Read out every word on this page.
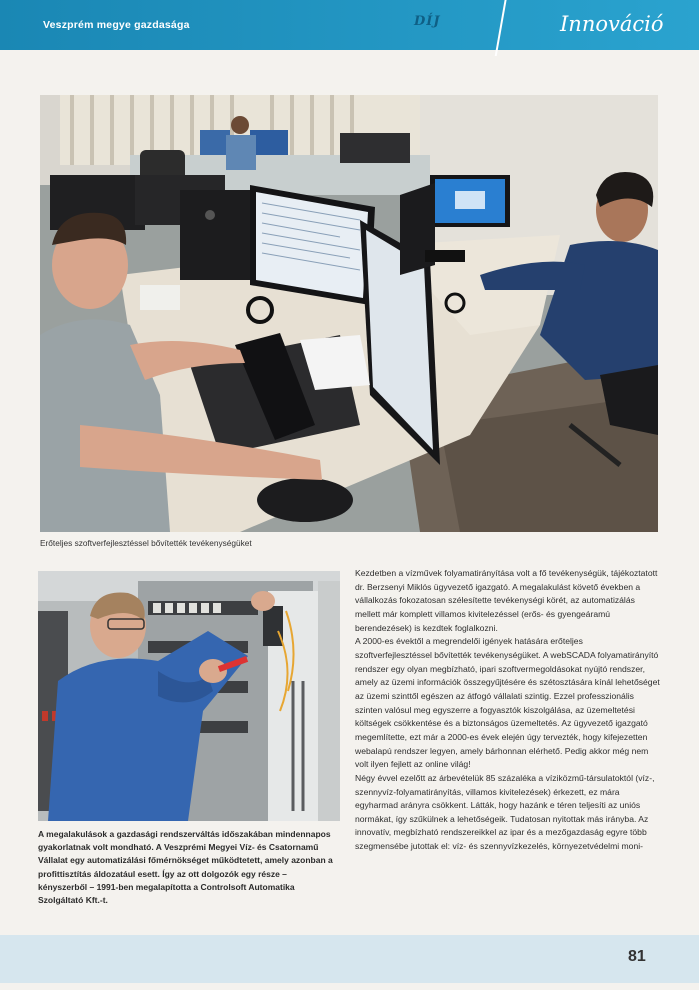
Veszprém megye gazdasága	DÍJ	Innováció
Erőteljes szoftverfejlesztéssel bővítették tevékenységüket
A megalakulások a gazdasági rendszerváltás időszakában mindennapos gyakorlatnak volt mondható. A Veszprémi Megyei Víz- és Csatornamű Vállalat egy automatizálási főmérnökséget működtetett, amely azonban a profittisztítás áldozatául esett. Így az ott dolgozók egy része – kényszerből – 1991-ben megalapította a Controlsoft Automatika Szolgáltató Kft.-t.

Kezdetben a vízművek folyamatirányítása volt a fő tevékenységük, tájékoztatott dr. Berzsenyi Miklós ügyvezető igazgató. A megalakulást követő években a vállalkozás fokozatosan szélesítette tevékenységi körét, az automatizálás mellett már komplett villamos kivitelezéssel (erős- és gyengeáramú berendezések) is kezdtek foglalkozni.

A 2000-es évektől a megrendelői igények hatására erőteljes szoftverfejlesztéssel bővítették tevékenységüket. A webSCADA folyamatirányító rendszer egy olyan megbízható, ipari szoftvermegoldásokat nyújtó rendszer, amely az üzemi információk összegyűjtésére és szétosztására kínál lehetőséget az üzemi szinttől egészen az átfogó vállalati szintig. Ezzel professzionális szinten valósul meg egyszerre a fogyasztók kiszolgálása, az üzemeltetési költségek csökkentése és a biztonságos üzemeltetés. Az ügyvezető igazgató megemlítette, ezt már a 2000-es évek elején úgy tervezték, hogy kifejezetten webalapú rendszer legyen, amely bárhonnan elérhető. Pedig akkor még nem volt ilyen fejlett az online világ!

Négy évvel ezelőtt az árbevételük 85 százaléka a víziközmű-társulatoktól (víz-, szennyvíz-folyamatirányítás, villamos kivitelezések) érkezett, ez mára egyharmad arányra csökkent. Látták, hogy hazánk e téren teljesíti az uniós normákat, így szűkülnek a lehetőségeik. Tudatosan nyitottak más irányba. Az innovatív, megbízható rendszereikkel az ipar és a mezőgazdaság egyre több szegmensébe jutottak el: víz- és szennyvízkezelés, környezetvédelmi moni-

81
